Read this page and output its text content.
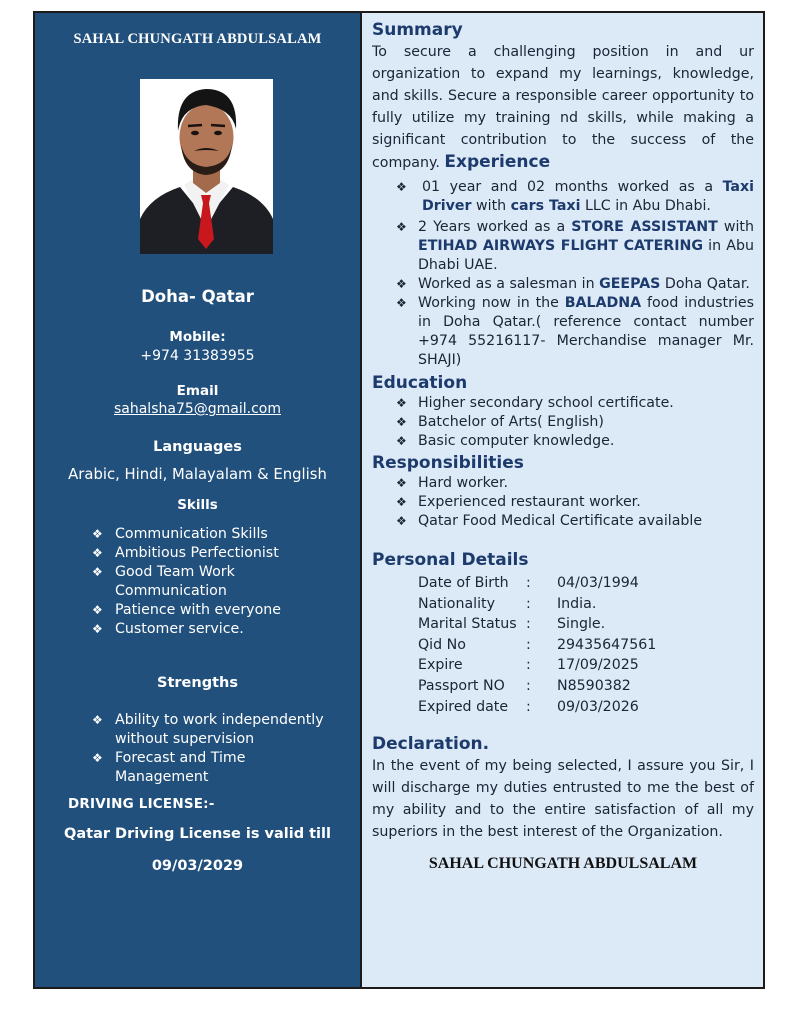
SAHAL CHUNGATH ABDULSALAM

Doha- Qatar
Mobile:
+974 31383955
Email
sahalsha75@gmail.com
Languages
Arabic, Hindi, Malayalam & English
Skills
❖ Communication Skills
❖ Ambitious Perfectionist
❖ Good Team Work Communication
❖ Patience with everyone
❖ Customer service.
Strengths
❖ Ability to work independently without supervision
❖ Forecast and Time Management
DRIVING LICENSE:-
Qatar Driving License is valid till
09/03/2029
Summary

To secure a challenging position in and ur organization to expand my learnings, knowledge, and skills. Secure a responsible career opportunity to fully utilize my training nd skills, while making a significant contribution to the success of the company. Experience

❖ 01 year and 02 months worked as a Taxi Driver with cars Taxi LLC in Abu Dhabi.
❖ 2 Years worked as a STORE ASSISTANT with ETIHAD AIRWAYS FLIGHT CATERING in Abu Dhabi UAE.
❖ Worked as a salesman in GEEPAS Doha Qatar.
❖ Working now in the BALADNA food industries in Doha Qatar.( reference contact number +974 55216117- Merchandise manager Mr. SHAJI)
Education
❖ Higher secondary school certificate.
❖ Batchelor of Arts( English)
❖ Basic computer knowledge.
Responsibilities
❖ Hard worker.
❖ Experienced restaurant worker.
❖ Qatar Food Medical Certificate available
Personal Details
Date of Birth	:	04/03/1994
Nationality	:	India.
Marital Status	:	Single.
Qid No	:	29435647561
Expire	:	17/09/2025
Passport NO	:	N8590382
Expired date	:	09/03/2026
Declaration.

In the event of my being selected, I assure you Sir, I will discharge my duties entrusted to me the best of my ability and to the entire satisfaction of all my superiors in the best interest of the Organization.

SAHAL CHUNGATH ABDULSALAM
